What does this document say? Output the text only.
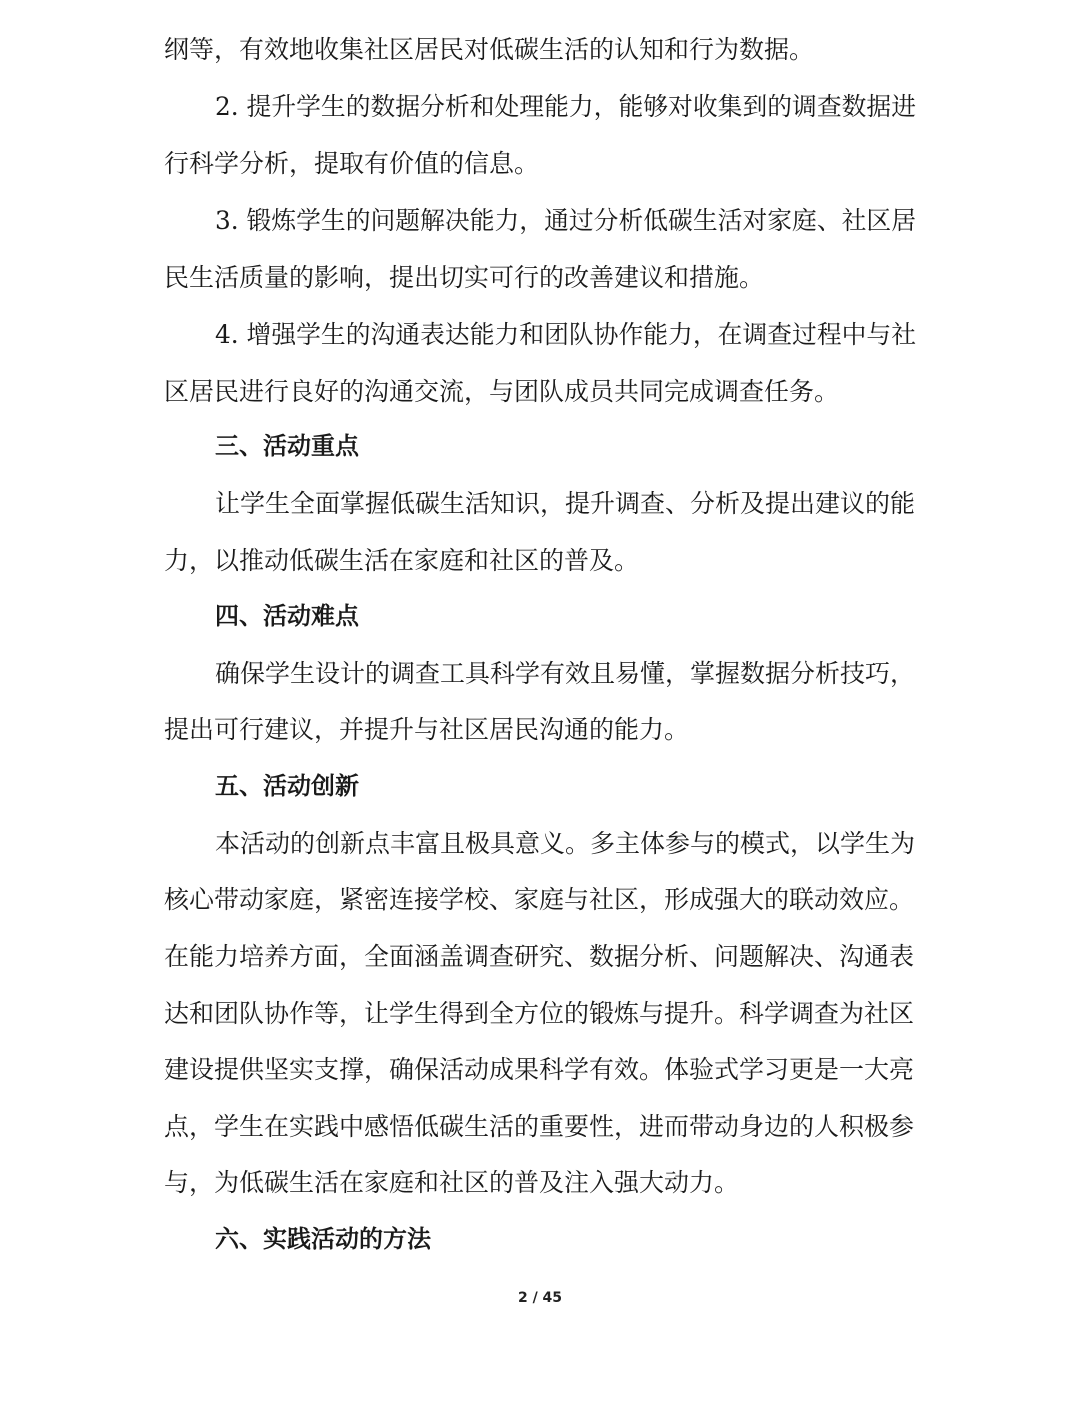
纲等，有效地收集社区居民对低碳生活的认知和行为数据。
2. 提升学生的数据分析和处理能力，能够对收集到的调查数据进
行科学分析，提取有价值的信息。
3. 锻炼学生的问题解决能力，通过分析低碳生活对家庭、社区居
民生活质量的影响，提出切实可行的改善建议和措施。
4. 增强学生的沟通表达能力和团队协作能力，在调查过程中与社
区居民进行良好的沟通交流，与团队成员共同完成调查任务。
三、活动重点
让学生全面掌握低碳生活知识，提升调查、分析及提出建议的能
力，以推动低碳生活在家庭和社区的普及。
四、活动难点
确保学生设计的调查工具科学有效且易懂，掌握数据分析技巧，
提出可行建议，并提升与社区居民沟通的能力。
五、活动创新
本活动的创新点丰富且极具意义。多主体参与的模式，以学生为
核心带动家庭，紧密连接学校、家庭与社区，形成强大的联动效应。
在能力培养方面，全面涵盖调查研究、数据分析、问题解决、沟通表
达和团队协作等，让学生得到全方位的锻炼与提升。科学调查为社区
建设提供坚实支撑，确保活动成果科学有效。体验式学习更是一大亮
点，学生在实践中感悟低碳生活的重要性，进而带动身边的人积极参
与，为低碳生活在家庭和社区的普及注入强大动力。
六、实践活动的方法
2 / 45
